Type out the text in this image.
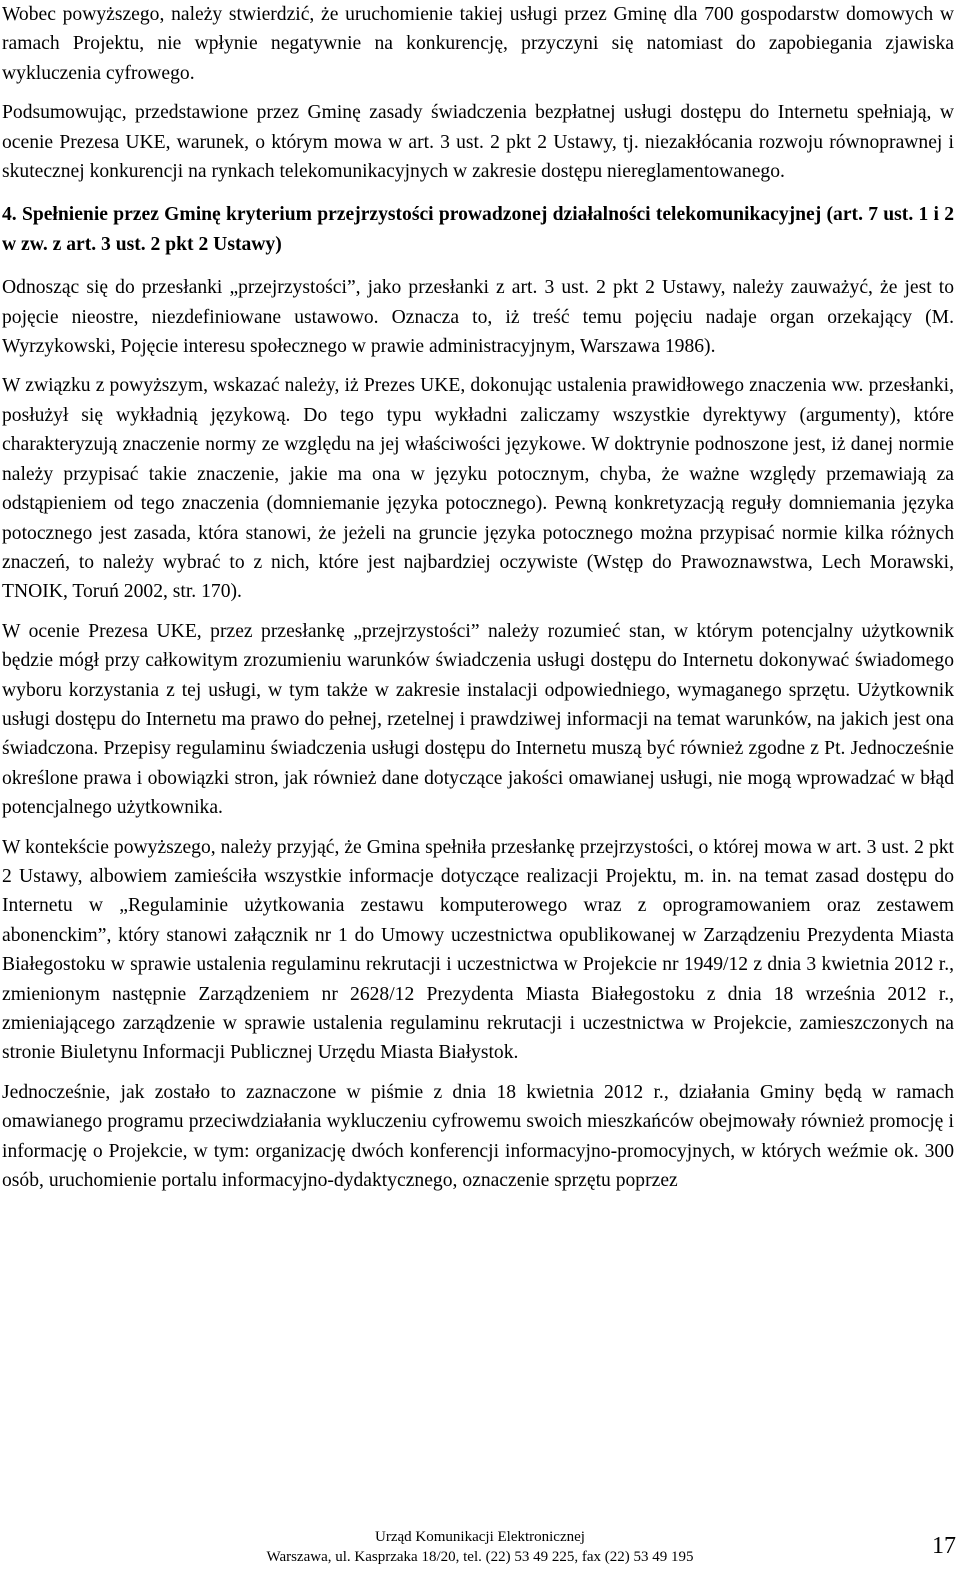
Wobec powyższego, należy stwierdzić, że uruchomienie takiej usługi przez Gminę dla 700 gospodarstw domowych w ramach Projektu, nie wpłynie negatywnie na konkurencję, przyczyni się natomiast do zapobiegania zjawiska wykluczenia cyfrowego.

Podsumowując, przedstawione przez Gminę zasady świadczenia bezpłatnej usługi dostępu do Internetu spełniają, w ocenie Prezesa UKE, warunek, o którym mowa w art. 3 ust. 2 pkt 2 Ustawy, tj. niezakłócania rozwoju równoprawnej i skutecznej konkurencji na rynkach telekomunikacyjnych w zakresie dostępu niereglamentowanego.

4. Spełnienie przez Gminę kryterium przejrzystości prowadzonej działalności telekomunikacyjnej (art. 7 ust. 1 i 2 w zw. z art. 3 ust. 2 pkt 2 Ustawy)

Odnosząc się do przesłanki „przejrzystości”, jako przesłanki z art. 3 ust. 2 pkt 2 Ustawy, należy zauważyć, że jest to pojęcie nieostre, niezdefiniowane ustawowo. Oznacza to, iż treść temu pojęciu nadaje organ orzekający (M. Wyrzykowski, Pojęcie interesu społecznego w prawie administracyjnym, Warszawa 1986).

W związku z powyższym, wskazać należy, iż Prezes UKE, dokonując ustalenia prawidłowego znaczenia ww. przesłanki, posłużył się wykładnią językową. Do tego typu wykładni zaliczamy wszystkie dyrektywy (argumenty), które charakteryzują znaczenie normy ze względu na jej właściwości językowe. W doktrynie podnoszone jest, iż danej normie należy przypisać takie znaczenie, jakie ma ona w języku potocznym, chyba, że ważne względy przemawiają za odstąpieniem od tego znaczenia (domniemanie języka potocznego). Pewną konkretyzacją reguły domniemania języka potocznego jest zasada, która stanowi, że jeżeli na gruncie języka potocznego można przypisać normie kilka różnych znaczeń, to należy wybrać to z nich, które jest najbardziej oczywiste (Wstęp do Prawoznawstwa, Lech Morawski, TNOIK, Toruń 2002, str. 170).

W ocenie Prezesa UKE, przez przesłankę „przejrzystości” należy rozumieć stan, w którym potencjalny użytkownik będzie mógł przy całkowitym zrozumieniu warunków świadczenia usługi dostępu do Internetu dokonywać świadomego wyboru korzystania z tej usługi, w tym także w zakresie instalacji odpowiedniego, wymaganego sprzętu. Użytkownik usługi dostępu do Internetu ma prawo do pełnej, rzetelnej i prawdziwej informacji na temat warunków, na jakich jest ona świadczona. Przepisy regulaminu świadczenia usługi dostępu do Internetu muszą być również zgodne z Pt. Jednocześnie określone prawa i obowiązki stron, jak również dane dotyczące jakości omawianej usługi, nie mogą wprowadzać w błąd potencjalnego użytkownika.

W kontekście powyższego, należy przyjąć, że Gmina spełniła przesłankę przejrzystości, o której mowa w art. 3 ust. 2 pkt 2 Ustawy, albowiem zamieściła wszystkie informacje dotyczące realizacji Projektu, m. in. na temat zasad dostępu do Internetu w „Regulaminie użytkowania zestawu komputerowego wraz z oprogramowaniem oraz zestawem abonenckim”, który stanowi załącznik nr 1 do Umowy uczestnictwa opublikowanej w Zarządzeniu Prezydenta Miasta Białegostoku w sprawie ustalenia regulaminu rekrutacji i uczestnictwa w Projekcie nr 1949/12 z dnia 3 kwietnia 2012 r., zmienionym następnie Zarządzeniem nr 2628/12 Prezydenta Miasta Białegostoku z dnia 18 września 2012 r., zmieniającego zarządzenie w sprawie ustalenia regulaminu rekrutacji i uczestnictwa w Projekcie, zamieszczonych na stronie Biuletynu Informacji Publicznej Urzędu Miasta Białystok.

Jednocześnie, jak zostało to zaznaczone w piśmie z dnia 18 kwietnia 2012 r., działania Gminy będą w ramach omawianego programu przeciwdziałania wykluczeniu cyfrowemu swoich mieszkańców obejmowały również promocję i informację o Projekcie, w tym: organizację dwóch konferencji informacyjno-promocyjnych, w których weźmie ok. 300 osób, uruchomienie portalu informacyjno-dydaktycznego, oznaczenie sprzętu poprzez

Urząd Komunikacji Elektronicznej
Warszawa, ul. Kasprzaka 18/20, tel. (22) 53 49 225, fax (22) 53 49 195	17
